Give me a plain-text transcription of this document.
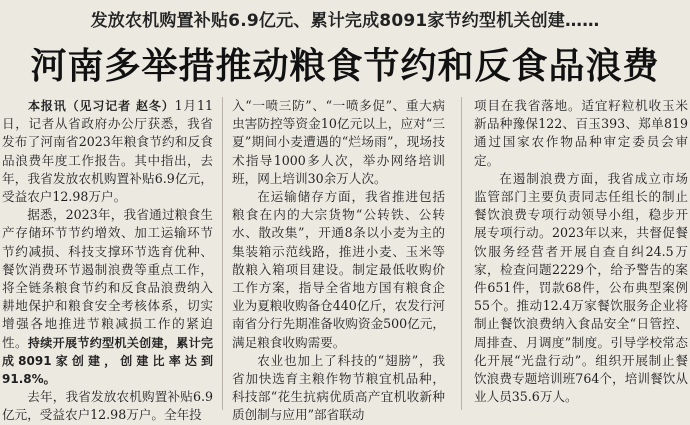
发放农机购置补贴6.9亿元、累计完成8091家节约型机关创建……
河南多举措推动粮食节约和反食品浪费

  本报讯（见习记者 赵冬）1月11日，记者从省政府办公厅获悉，我省发布了河南省2023年粮食节约和反食品浪费年度工作报告。其中指出，去年，我省发放农机购置补贴6.9亿元，受益农户12.98万户。

据悉，2023年，我省通过粮食生产存储环节节约增效、加工运输环节节约减损、科技支撑环节选育优种、餐饮消费环节遏制浪费等重点工作，将全链条粮食节约和反食品浪费纳入耕地保护和粮食安全考核体系，切实增强各地推进节粮减损工作的紧迫性。持续开展节约型机关创建，累计完成8091家创建，创建比率达到91.8%。

去年，我省发放农机购置补贴6.9亿元，受益农户12.98万户。全年投

入“一喷三防”、“一喷多促”、重大病虫害防控等资金10亿元以上，应对“三夏”期间小麦遭遇的“烂场雨”，现场技术指导1000多人次，举办网络培训班，网上培训30余万人次。

在运输储存方面，我省推进包括粮食在内的大宗货物“公转铁、公转水、散改集”，开通8条以小麦为主的集装箱示范线路，推进小麦、玉米等散粮入箱项目建设。制定最低收购价工作方案，指导全省地方国有粮食企业为夏粮收购备仓440亿斤，农发行河南省分行先期准备收购资金500亿元，满足粮食收购需要。

农业也加上了科技的“翅膀”，我省加快选育主粮作物节粮宜机品种，科技部“花生抗病优质高产宜机收新种质创制与应用”部省联动

项目在我省落地。适宜籽粒机收玉米新品种豫保122、百玉393、郑单819通过国家农作物品种审定委员会审定。

在遏制浪费方面，我省成立市场监管部门主要负责同志任组长的制止餐饮浪费专项行动领导小组，稳步开展专项行动。2023年以来，共督促餐饮服务经营者开展自查自纠24.5万家，检查问题2229个，给予警告的案件651件，罚款68件，公布典型案例55个。推动12.4万家餐饮服务企业将制止餐饮浪费纳入食品安全“日管控、周排查、月调度”制度。引导学校常态化开展“光盘行动”。组织开展制止餐饮浪费专题培训班764个，培训餐饮从业人员35.6万人。
